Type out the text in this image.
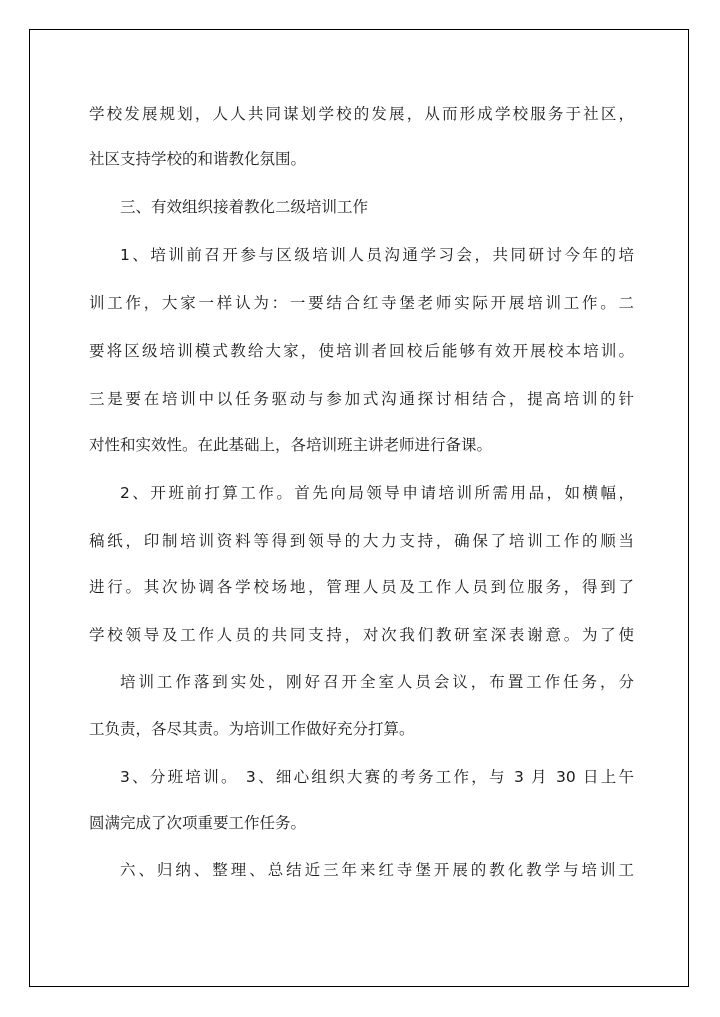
学校发展规划，人人共同谋划学校的发展，从而形成学校服务于社区，
社区支持学校的和谐教化氛围。
三、有效组织接着教化二级培训工作
1、培训前召开参与区级培训人员沟通学习会，共同研讨今年的培
训工作，大家一样认为：一要结合红寺堡老师实际开展培训工作。二
要将区级培训模式教给大家，使培训者回校后能够有效开展校本培训。
三是要在培训中以任务驱动与参加式沟通探讨相结合，提高培训的针
对性和实效性。在此基础上，各培训班主讲老师进行备课。
2、开班前打算工作。首先向局领导申请培训所需用品，如横幅，
稿纸，印制培训资料等得到领导的大力支持，确保了培训工作的顺当
进行。其次协调各学校场地，管理人员及工作人员到位服务，得到了
学校领导及工作人员的共同支持，对次我们教研室深表谢意。为了使
培训工作落到实处，刚好召开全室人员会议，布置工作任务，分
工负责，各尽其责。为培训工作做好充分打算。
3、分班培训。 3、细心组织大赛的考务工作，与 3 月 30 日上午
圆满完成了次项重要工作任务。
六、归纳、整理、总结近三年来红寺堡开展的教化教学与培训工
